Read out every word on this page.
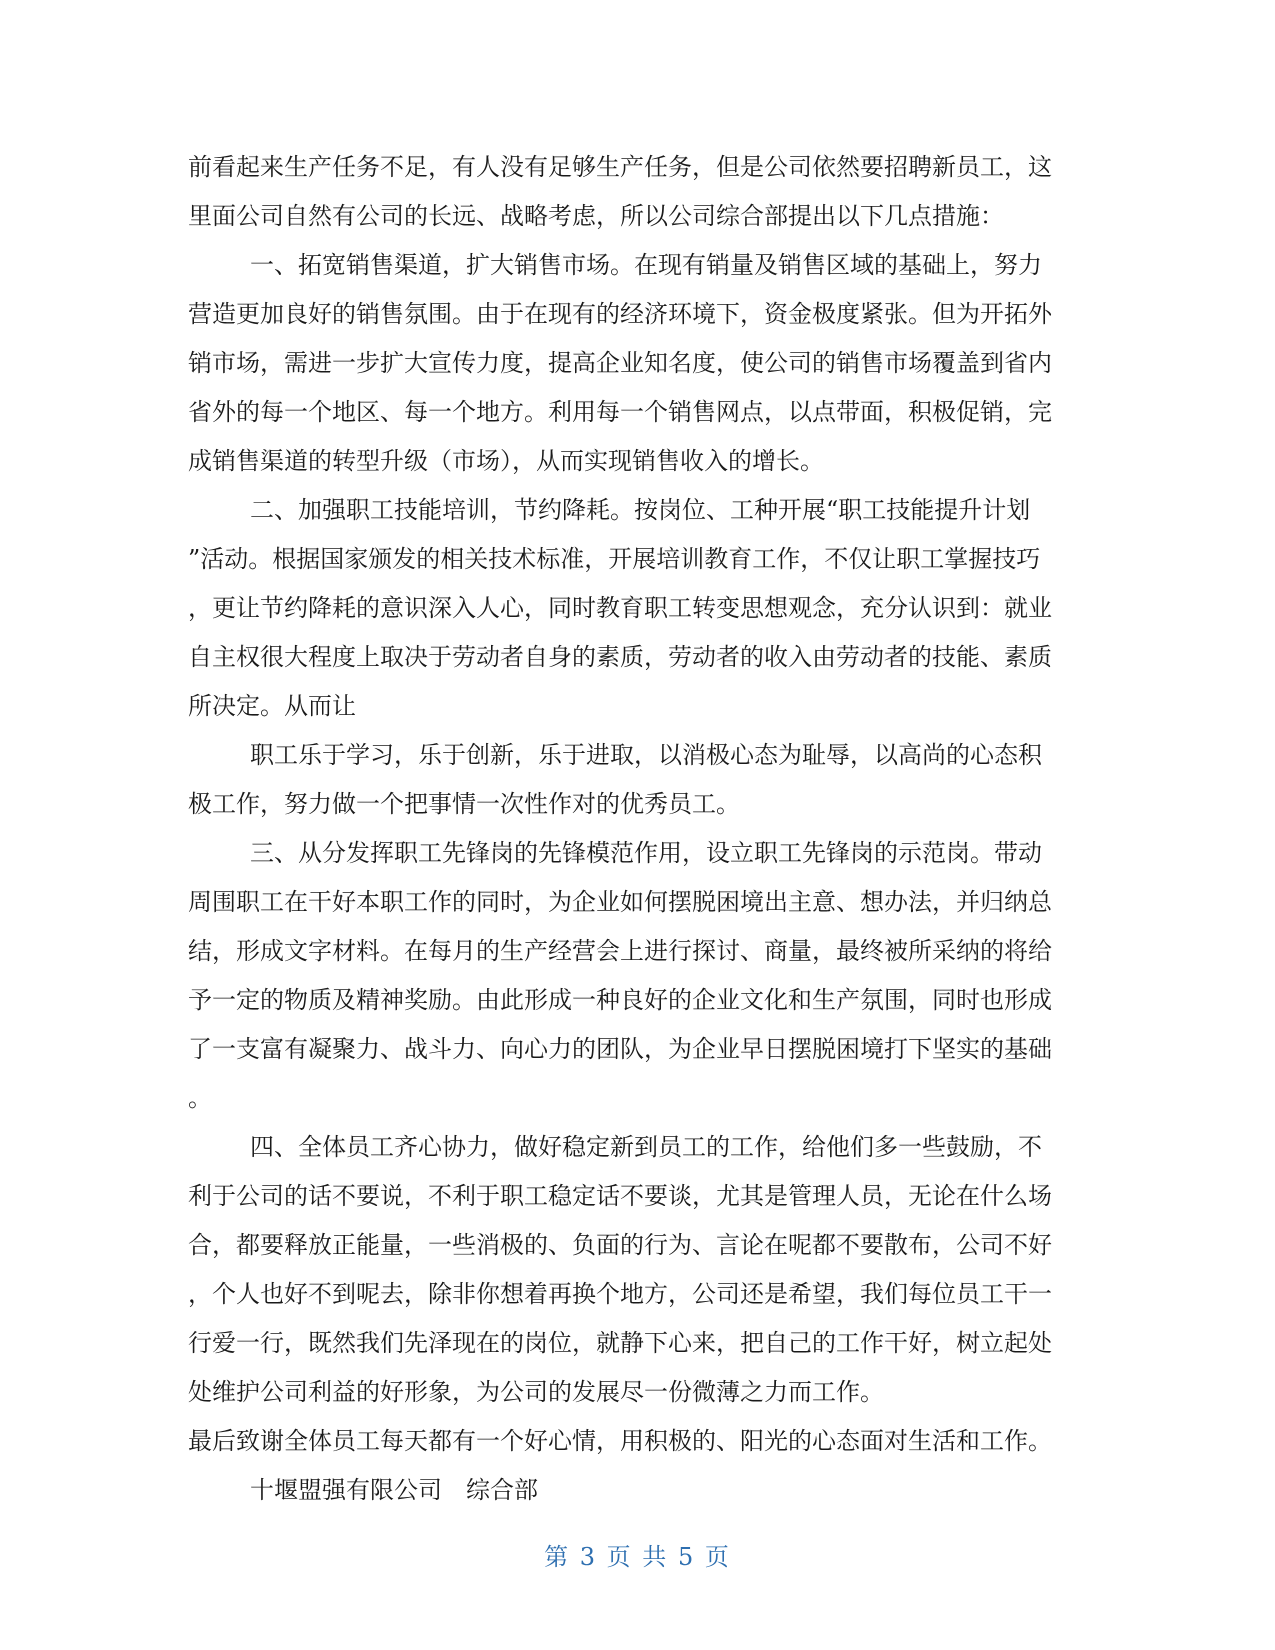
前看起来生产任务不足，有人没有足够生产任务，但是公司依然要招聘新员工，这

里面公司自然有公司的长远、战略考虑，所以公司综合部提出以下几点措施：

一、拓宽销售渠道，扩大销售市场。在现有销量及销售区域的基础上，努力

营造更加良好的销售氛围。由于在现有的经济环境下，资金极度紧张。但为开拓外

销市场，需进一步扩大宣传力度，提高企业知名度，使公司的销售市场覆盖到省内

省外的每一个地区、每一个地方。利用每一个销售网点，以点带面，积极促销，完

成销售渠道的转型升级（市场），从而实现销售收入的增长。

二、加强职工技能培训，节约降耗。按岗位、工种开展“职工技能提升计划

”活动。根据国家颁发的相关技术标准，开展培训教育工作，不仅让职工掌握技巧

，更让节约降耗的意识深入人心，同时教育职工转变思想观念，充分认识到：就业

自主权很大程度上取决于劳动者自身的素质，劳动者的收入由劳动者的技能、素质

所决定。从而让

职工乐于学习，乐于创新，乐于进取，以消极心态为耻辱，以高尚的心态积

极工作，努力做一个把事情一次性作对的优秀员工。

三、从分发挥职工先锋岗的先锋模范作用，设立职工先锋岗的示范岗。带动

周围职工在干好本职工作的同时，为企业如何摆脱困境出主意、想办法，并归纳总

结，形成文字材料。在每月的生产经营会上进行探讨、商量，最终被所采纳的将给

予一定的物质及精神奖励。由此形成一种良好的企业文化和生产氛围，同时也形成

了一支富有凝聚力、战斗力、向心力的团队，为企业早日摆脱困境打下坚实的基础

。

四、全体员工齐心协力，做好稳定新到员工的工作，给他们多一些鼓励，不

利于公司的话不要说，不利于职工稳定话不要谈，尤其是管理人员，无论在什么场

合，都要释放正能量，一些消极的、负面的行为、言论在呢都不要散布，公司不好

，个人也好不到呢去，除非你想着再换个地方，公司还是希望，我们每位员工干一

行爱一行，既然我们先泽现在的岗位，就静下心来，把自己的工作干好，树立起处

处维护公司利益的好形象，为公司的发展尽一份微薄之力而工作。

最后致谢全体员工每天都有一个好心情，用积极的、阳光的心态面对生活和工作。

十堰盟强有限公司　综合部

第 3 页 共 5 页
